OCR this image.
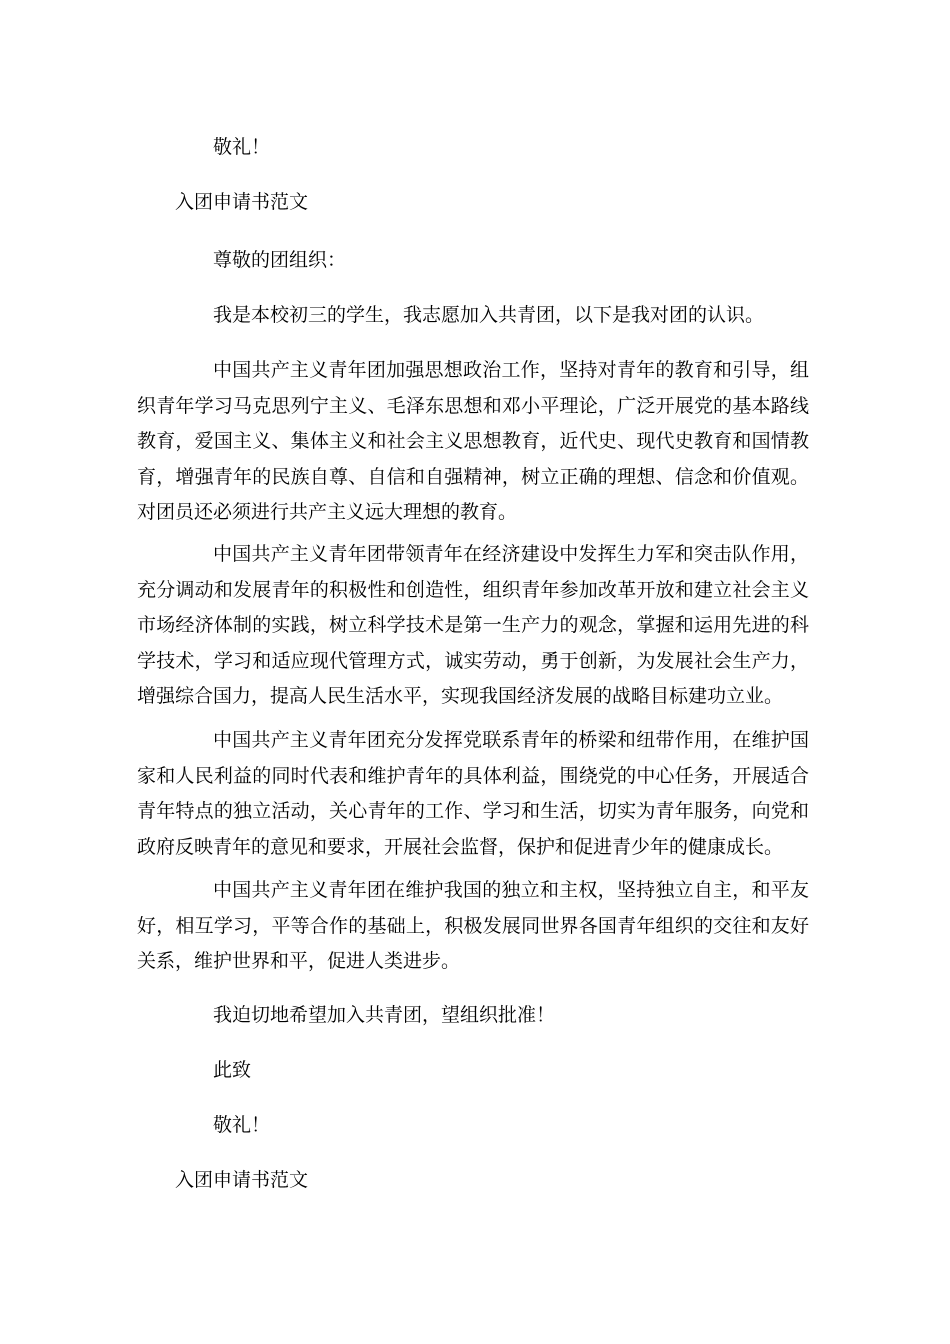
敬礼！

入团申请书范文

尊敬的团组织：

我是本校初三的学生，我志愿加入共青团，以下是我对团的认识。

中国共产主义青年团加强思想政治工作，坚持对青年的教育和引导，组织青年学习马克思列宁主义、毛泽东思想和邓小平理论，广泛开展党的基本路线教育，爱国主义、集体主义和社会主义思想教育，近代史、现代史教育和国情教育，增强青年的民族自尊、自信和自强精神，树立正确的理想、信念和价值观。对团员还必须进行共产主义远大理想的教育。

中国共产主义青年团带领青年在经济建设中发挥生力军和突击队作用，充分调动和发展青年的积极性和创造性，组织青年参加改革开放和建立社会主义市场经济体制的实践，树立科学技术是第一生产力的观念，掌握和运用先进的科学技术，学习和适应现代管理方式，诚实劳动，勇于创新，为发展社会生产力，增强综合国力，提高人民生活水平，实现我国经济发展的战略目标建功立业。

中国共产主义青年团充分发挥党联系青年的桥梁和纽带作用，在维护国家和人民利益的同时代表和维护青年的具体利益，围绕党的中心任务，开展适合青年特点的独立活动，关心青年的工作、学习和生活，切实为青年服务，向党和政府反映青年的意见和要求，开展社会监督，保护和促进青少年的健康成长。

中国共产主义青年团在维护我国的独立和主权，坚持独立自主，和平友好，相互学习，平等合作的基础上，积极发展同世界各国青年组织的交往和友好关系，维护世界和平，促进人类进步。

我迫切地希望加入共青团，望组织批准！

此致

敬礼！

入团申请书范文
